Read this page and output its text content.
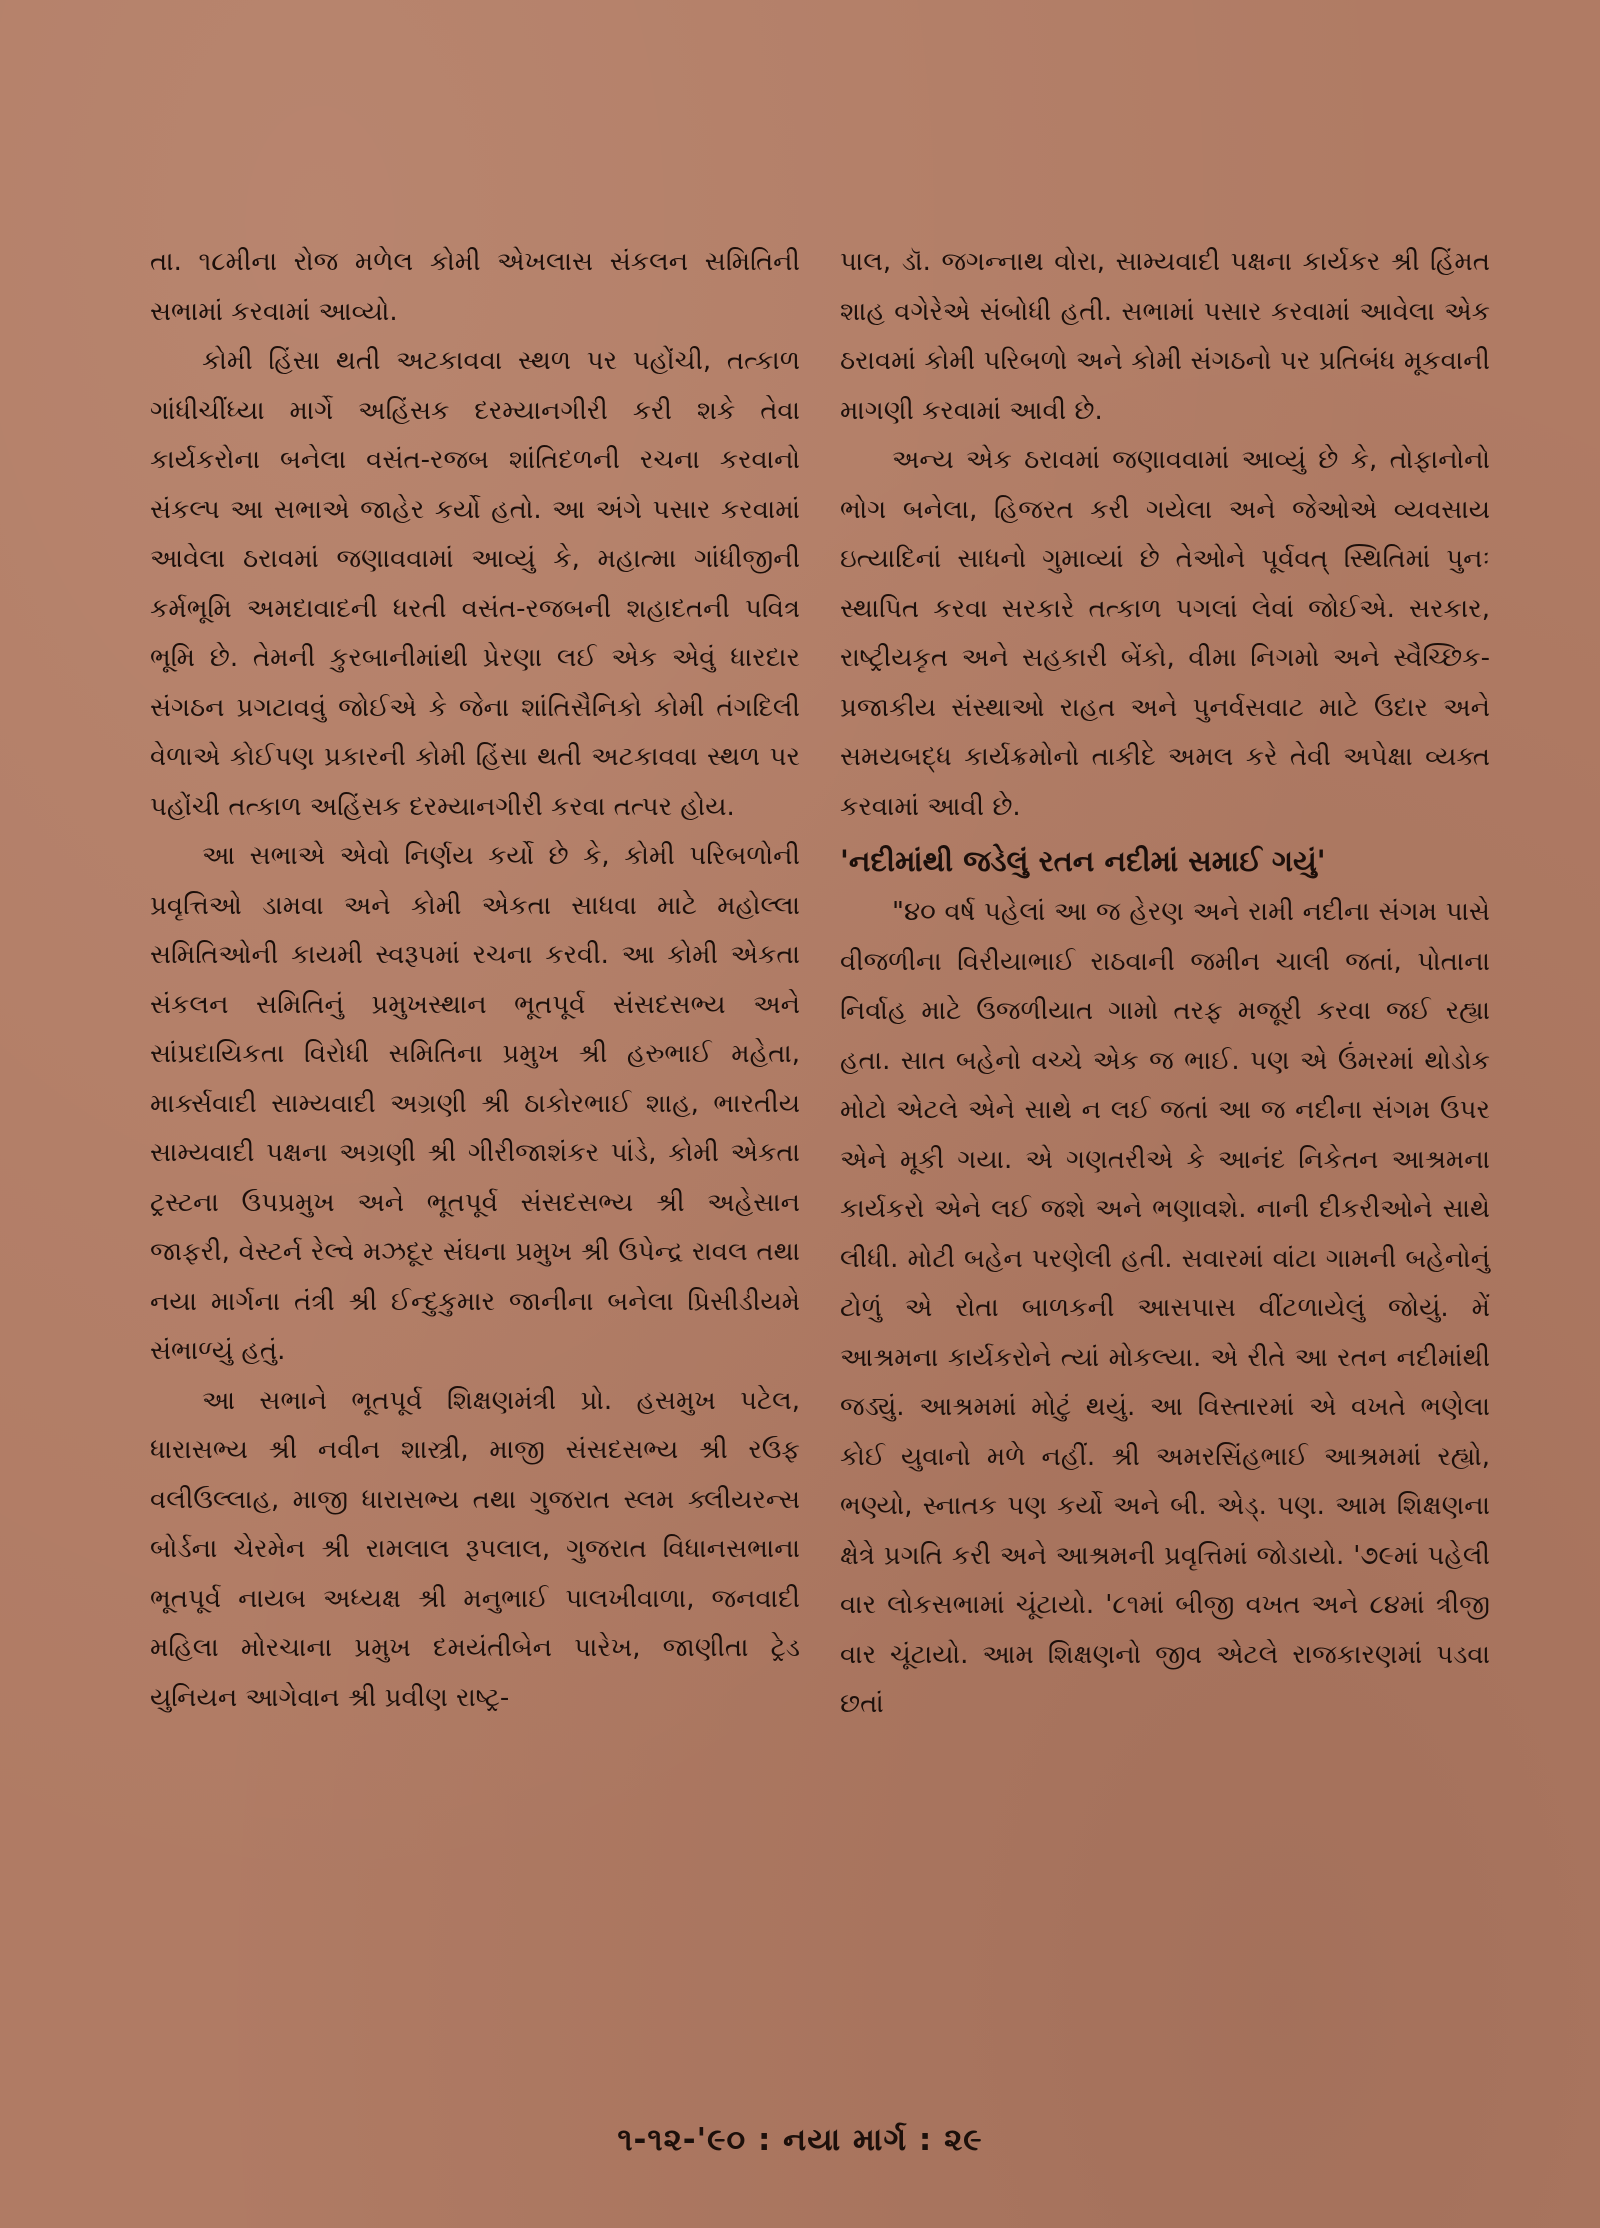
તા. ૧૮મીના રોજ મળેલ કોમી એખલાસ સંકલન સમિતિની સભામાં કરવામાં આવ્યો.

કોમી હિંસા થતી અટકાવવા સ્થળ પર પહોંચી, તત્કાળ ગાંધીચીંધ્યા માર્ગે અહિંસક દરમ્યાનગીરી કરી શકે તેવા કાર્યકરોના બનેલા વસંત-રજબ શાંતિદળની રચના કરવાનો સંકલ્પ આ સભાએ જાહેર કર્યો હતો. આ અંગે પસાર કરવામાં આવેલા ઠરાવમાં જણાવવામાં આવ્યું કે, મહાત્મા ગાંધીજીની કર્મભૂમિ અમદાવાદની ધરતી વસંત-રજબની શહાદતની પવિત્ર ભૂમિ છે. તેમની કુરબાનીમાંથી પ્રેરણા લઈ એક એવું ધારદાર સંગઠન પ્રગટાવવું જોઈએ કે જેના શાંતિસૈનિકો કોમી તંગદિલી વેળાએ કોઈપણ પ્રકારની કોમી હિંસા થતી અટકાવવા સ્થળ પર પહોંચી તત્કાળ અહિંસક દરમ્યાનગીરી કરવા તત્પર હોય.

આ સભાએ એવો નિર્ણય કર્યો છે કે, કોમી પરિબળોની પ્રવૃત્તિઓ ડામવા અને કોમી એકતા સાધવા માટે મહોલ્લા સમિતિઓની કાયમી સ્વરૂપમાં રચના કરવી. આ કોમી એકતા સંકલન સમિતિનું પ્રમુખસ્થાન ભૂતપૂર્વ સંસદસભ્ય અને સાંપ્રદાયિકતા વિરોધી સમિતિના પ્રમુખ શ્રી હરુભાઈ મહેતા, માર્ક્સવાદી સામ્યવાદી અગ્રણી શ્રી ઠાકોરભાઈ શાહ, ભારતીય સામ્યવાદી પક્ષના અગ્રણી શ્રી ગીરીજાશંકર પાંડે, કોમી એકતા ટ્રસ્ટના ઉપપ્રમુખ અને ભૂતપૂર્વ સંસદસભ્ય શ્રી અહેસાન જાફરી, વેસ્ટર્ન રેલ્વે મઝદૂર સંઘના પ્રમુખ શ્રી ઉપેન્દ્ર રાવલ તથા નયા માર્ગના તંત્રી શ્રી ઈન્દુકુમાર જાનીના બનેલા પ્રિસીડીયમે સંભાળ્યું હતું.

આ સભાને ભૂતપૂર્વ શિક્ષણમંત્રી પ્રો. હસમુખ પટેલ, ધારાસભ્ય શ્રી નવીન શાસ્ત્રી, માજી સંસદસભ્ય શ્રી રઉફ વલીઉલ્લાહ, માજી ધારાસભ્ય તથા ગુજરાત સ્લમ ક્લીયરન્સ બોર્ડના ચેરમેન શ્રી રામલાલ રૂપલાલ, ગુજરાત વિધાનસભાના ભૂતપૂર્વ નાયબ અધ્યક્ષ શ્રી મનુભાઈ પાલખીવાળા, જનવાદી મહિલા મોરચાના પ્રમુખ દમયંતીબેન પારેખ, જાણીતા ટ્રેડ યુનિયન આગેવાન શ્રી પ્રવીણ રાષ્ટ્ર-

પાલ, ડૉ. જગન્નાથ વોરા, સામ્યવાદી પક્ષના કાર્યકર શ્રી હિંમત શાહ વગેરેએ સંબોધી હતી. સભામાં પસાર કરવામાં આવેલા એક ઠરાવમાં કોમી પરિબળો અને કોમી સંગઠનો પર પ્રતિબંધ મૂકવાની માગણી કરવામાં આવી છે.

અન્ય એક ઠરાવમાં જણાવવામાં આવ્યું છે કે, તોફાનોનો ભોગ બનેલા, હિજરત કરી ગયેલા અને જેઓએ વ્યવસાય ઇત્યાદિનાં સાધનો ગુમાવ્યાં છે તેઓને પૂર્વવત્ સ્થિતિમાં પુનઃ સ્થાપિત કરવા સરકારે તત્કાળ પગલાં લેવાં જોઈએ. સરકાર, રાષ્ટ્રીયકૃત અને સહકારી બેંકો, વીમા નિગમો અને સ્વૈચ્છિક-પ્રજાકીય સંસ્થાઓ રાહત અને પુનર્વસવાટ માટે ઉદાર અને સમયબદ્ધ કાર્યક્રમોનો તાકીદે અમલ કરે તેવી અપેક્ષા વ્યક્ત કરવામાં આવી છે.

'નદીમાંથી જડેલું રતન નદીમાં સમાઈ ગયું'

"૪૦ વર્ષ પહેલાં આ જ હેરણ અને રામી નદીના સંગમ પાસે વીજળીના વિરીયાભાઈ રાઠવાની જમીન ચાલી જતાં, પોતાના નિર્વાહ માટે ઉજળીયાત ગામો તરફ મજૂરી કરવા જઈ રહ્યા હતા. સાત બહેનો વચ્ચે એક જ ભાઈ. પણ એ ઉંમરમાં થોડોક મોટો એટલે એને સાથે ન લઈ જતાં આ જ નદીના સંગમ ઉપર એને મૂકી ગયા. એ ગણતરીએ કે આનંદ નિકેતન આશ્રમના કાર્યકરો એને લઈ જશે અને ભણાવશે. નાની દીકરીઓને સાથે લીધી. મોટી બહેન પરણેલી હતી. સવારમાં વાંટા ગામની બહેનોનું ટોળું એ રોતા બાળકની આસપાસ વીંટળાયેલું જોયું. મેં આશ્રમના કાર્યકરોને ત્યાં મોકલ્યા. એ રીતે આ રતન નદીમાંથી જડ્યું. આશ્રમમાં મોટું થયું. આ વિસ્તારમાં એ વખતે ભણેલા કોઈ યુવાનો મળે નહીં. શ્રી અમરસિંહભાઈ આશ્રમમાં રહ્યો, ભણ્યો, સ્નાતક પણ કર્યો અને બી. એડ્. પણ. આમ શિક્ષણના ક્ષેત્રે પ્રગતિ કરી અને આશ્રમની પ્રવૃત્તિમાં જોડાયો. '૭૯માં પહેલી વાર લોકસભામાં ચૂંટાયો. '૮૧માં બીજી વખત અને ૮૪માં ત્રીજી વાર ચૂંટાયો. આમ શિક્ષણનો જીવ એટલે રાજકારણમાં પડવા છતાં

૧-૧૨-'૯૦ : નયા માર્ગ : ૨૯
